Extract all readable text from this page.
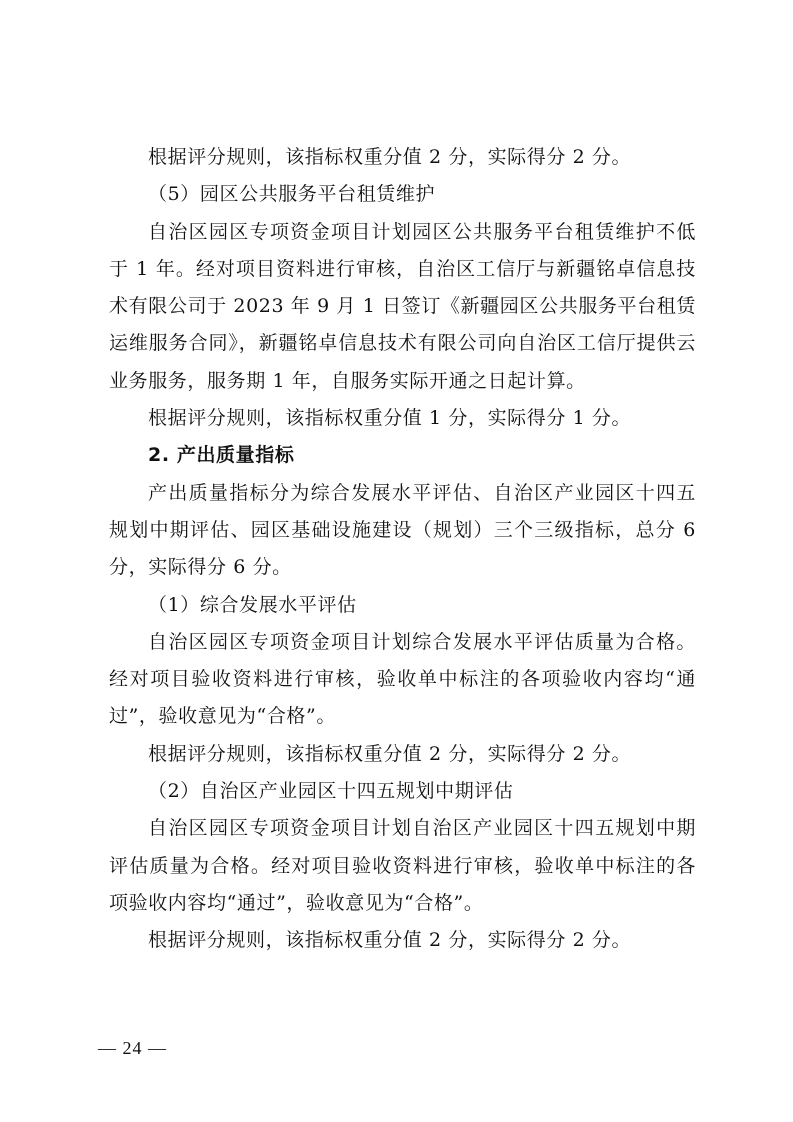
根据评分规则，该指标权重分值 2 分，实际得分 2 分。

（5）园区公共服务平台租赁维护

自治区园区专项资金项目计划园区公共服务平台租赁维护不低于 1 年。经对项目资料进行审核，自治区工信厅与新疆铭卓信息技术有限公司于 2023 年 9 月 1 日签订《新疆园区公共服务平台租赁运维服务合同》，新疆铭卓信息技术有限公司向自治区工信厅提供云业务服务，服务期 1 年，自服务实际开通之日起计算。

根据评分规则，该指标权重分值 1 分，实际得分 1 分。

2. 产出质量指标

产出质量指标分为综合发展水平评估、自治区产业园区十四五规划中期评估、园区基础设施建设（规划）三个三级指标，总分 6 分，实际得分 6 分。

（1）综合发展水平评估

自治区园区专项资金项目计划综合发展水平评估质量为合格。经对项目验收资料进行审核，验收单中标注的各项验收内容均“通过”，验收意见为“合格”。

根据评分规则，该指标权重分值 2 分，实际得分 2 分。

（2）自治区产业园区十四五规划中期评估

自治区园区专项资金项目计划自治区产业园区十四五规划中期评估质量为合格。经对项目验收资料进行审核，验收单中标注的各项验收内容均“通过”，验收意见为“合格”。

根据评分规则，该指标权重分值 2 分，实际得分 2 分。

— 24 —
